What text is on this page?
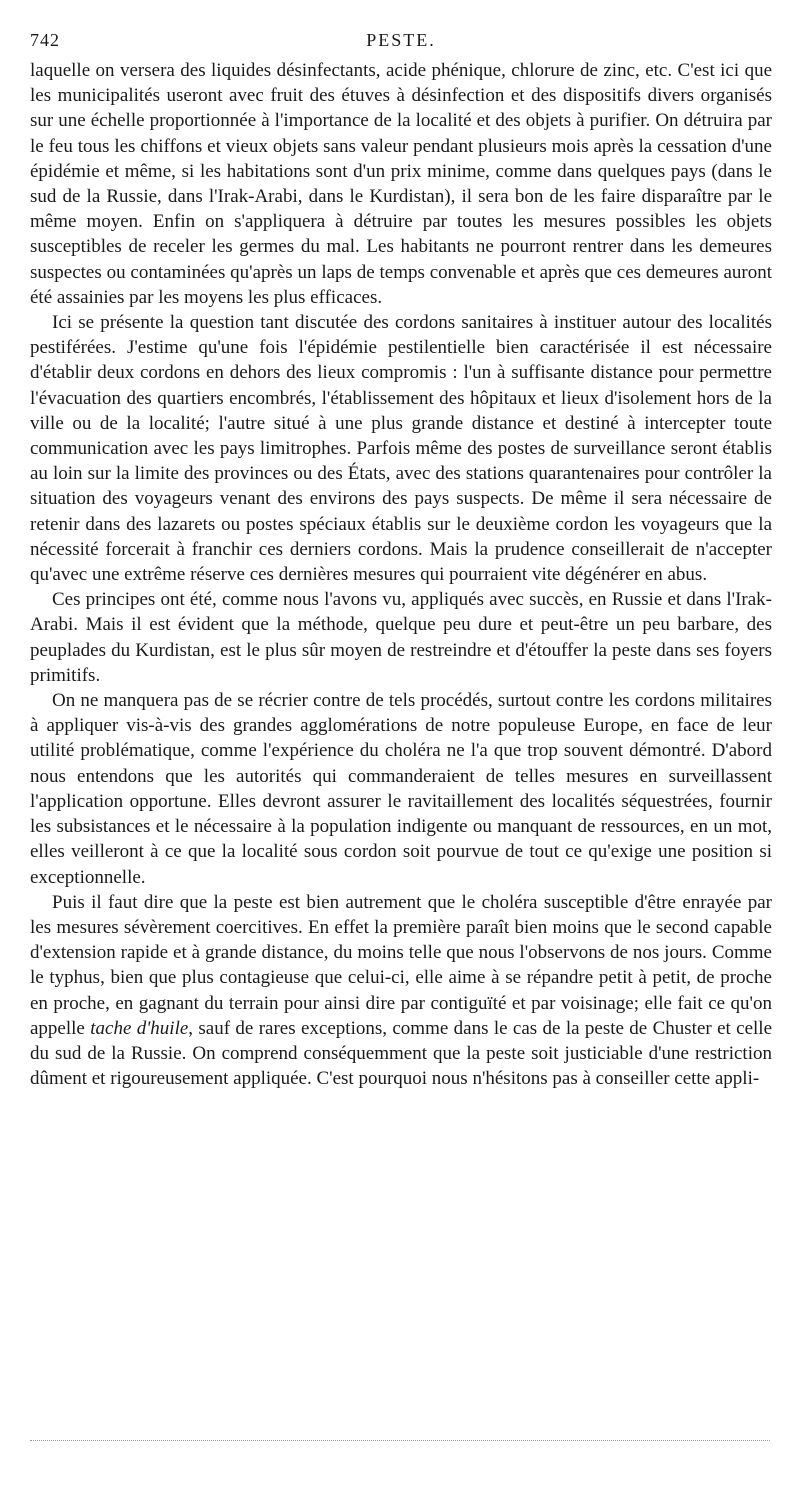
PESTE.
742

laquelle on versera des liquides désinfectants, acide phénique, chlorure de zinc, etc. C'est ici que les municipalités useront avec fruit des étuves à désinfection et des dispositifs divers organisés sur une échelle proportionnée à l'importance de la localité et des objets à purifier. On détruira par le feu tous les chiffons et vieux objets sans valeur pendant plusieurs mois après la cessation d'une épidémie et même, si les habitations sont d'un prix minime, comme dans quelques pays (dans le sud de la Russie, dans l'Irak-Arabi, dans le Kurdistan), il sera bon de les faire disparaître par le même moyen. Enfin on s'appliquera à détruire par toutes les mesures possibles les objets susceptibles de receler les germes du mal. Les habitants ne pourront rentrer dans les demeures suspectes ou contaminées qu'après un laps de temps convenable et après que ces demeures auront été assainies par les moyens les plus efficaces.

Ici se présente la question tant discutée des cordons sanitaires à instituer autour des localités pestiférées. J'estime qu'une fois l'épidémie pestilentielle bien caractérisée il est nécessaire d'établir deux cordons en dehors des lieux compromis : l'un à suffisante distance pour permettre l'évacuation des quartiers encombrés, l'établissement des hôpitaux et lieux d'isolement hors de la ville ou de la localité; l'autre situé à une plus grande distance et destiné à intercepter toute communication avec les pays limitrophes. Parfois même des postes de surveillance seront établis au loin sur la limite des provinces ou des États, avec des stations quarantenaires pour contrôler la situation des voyageurs venant des environs des pays suspects. De même il sera nécessaire de retenir dans des lazarets ou postes spéciaux établis sur le deuxième cordon les voyageurs que la nécessité forcerait à franchir ces derniers cordons. Mais la prudence conseillerait de n'accepter qu'avec une extrême réserve ces dernières mesures qui pourraient vite dégénérer en abus.

Ces principes ont été, comme nous l'avons vu, appliqués avec succès, en Russie et dans l'Irak-Arabi. Mais il est évident que la méthode, quelque peu dure et peut-être un peu barbare, des peuplades du Kurdistan, est le plus sûr moyen de restreindre et d'étouffer la peste dans ses foyers primitifs.

On ne manquera pas de se récrier contre de tels procédés, surtout contre les cordons militaires à appliquer vis-à-vis des grandes agglomérations de notre populeuse Europe, en face de leur utilité problématique, comme l'expérience du choléra ne l'a que trop souvent démontré. D'abord nous entendons que les autorités qui commanderaient de telles mesures en surveillassent l'application opportune. Elles devront assurer le ravitaillement des localités séquestrées, fournir les subsistances et le nécessaire à la population indigente ou manquant de ressources, en un mot, elles veilleront à ce que la localité sous cordon soit pourvue de tout ce qu'exige une position si exceptionnelle.

Puis il faut dire que la peste est bien autrement que le choléra susceptible d'être enrayée par les mesures sévèrement coercitives. En effet la première paraît bien moins que le second capable d'extension rapide et à grande distance, du moins telle que nous l'observons de nos jours. Comme le typhus, bien que plus contagieuse que celui-ci, elle aime à se répandre petit à petit, de proche en proche, en gagnant du terrain pour ainsi dire par contiguïté et par voisinage; elle fait ce qu'on appelle tache d'huile, sauf de rares exceptions, comme dans le cas de la peste de Chuster et celle du sud de la Russie. On comprend conséquemment que la peste soit justiciable d'une restriction dûment et rigoureusement appliquée. C'est pourquoi nous n'hésitons pas à conseiller cette appli-
